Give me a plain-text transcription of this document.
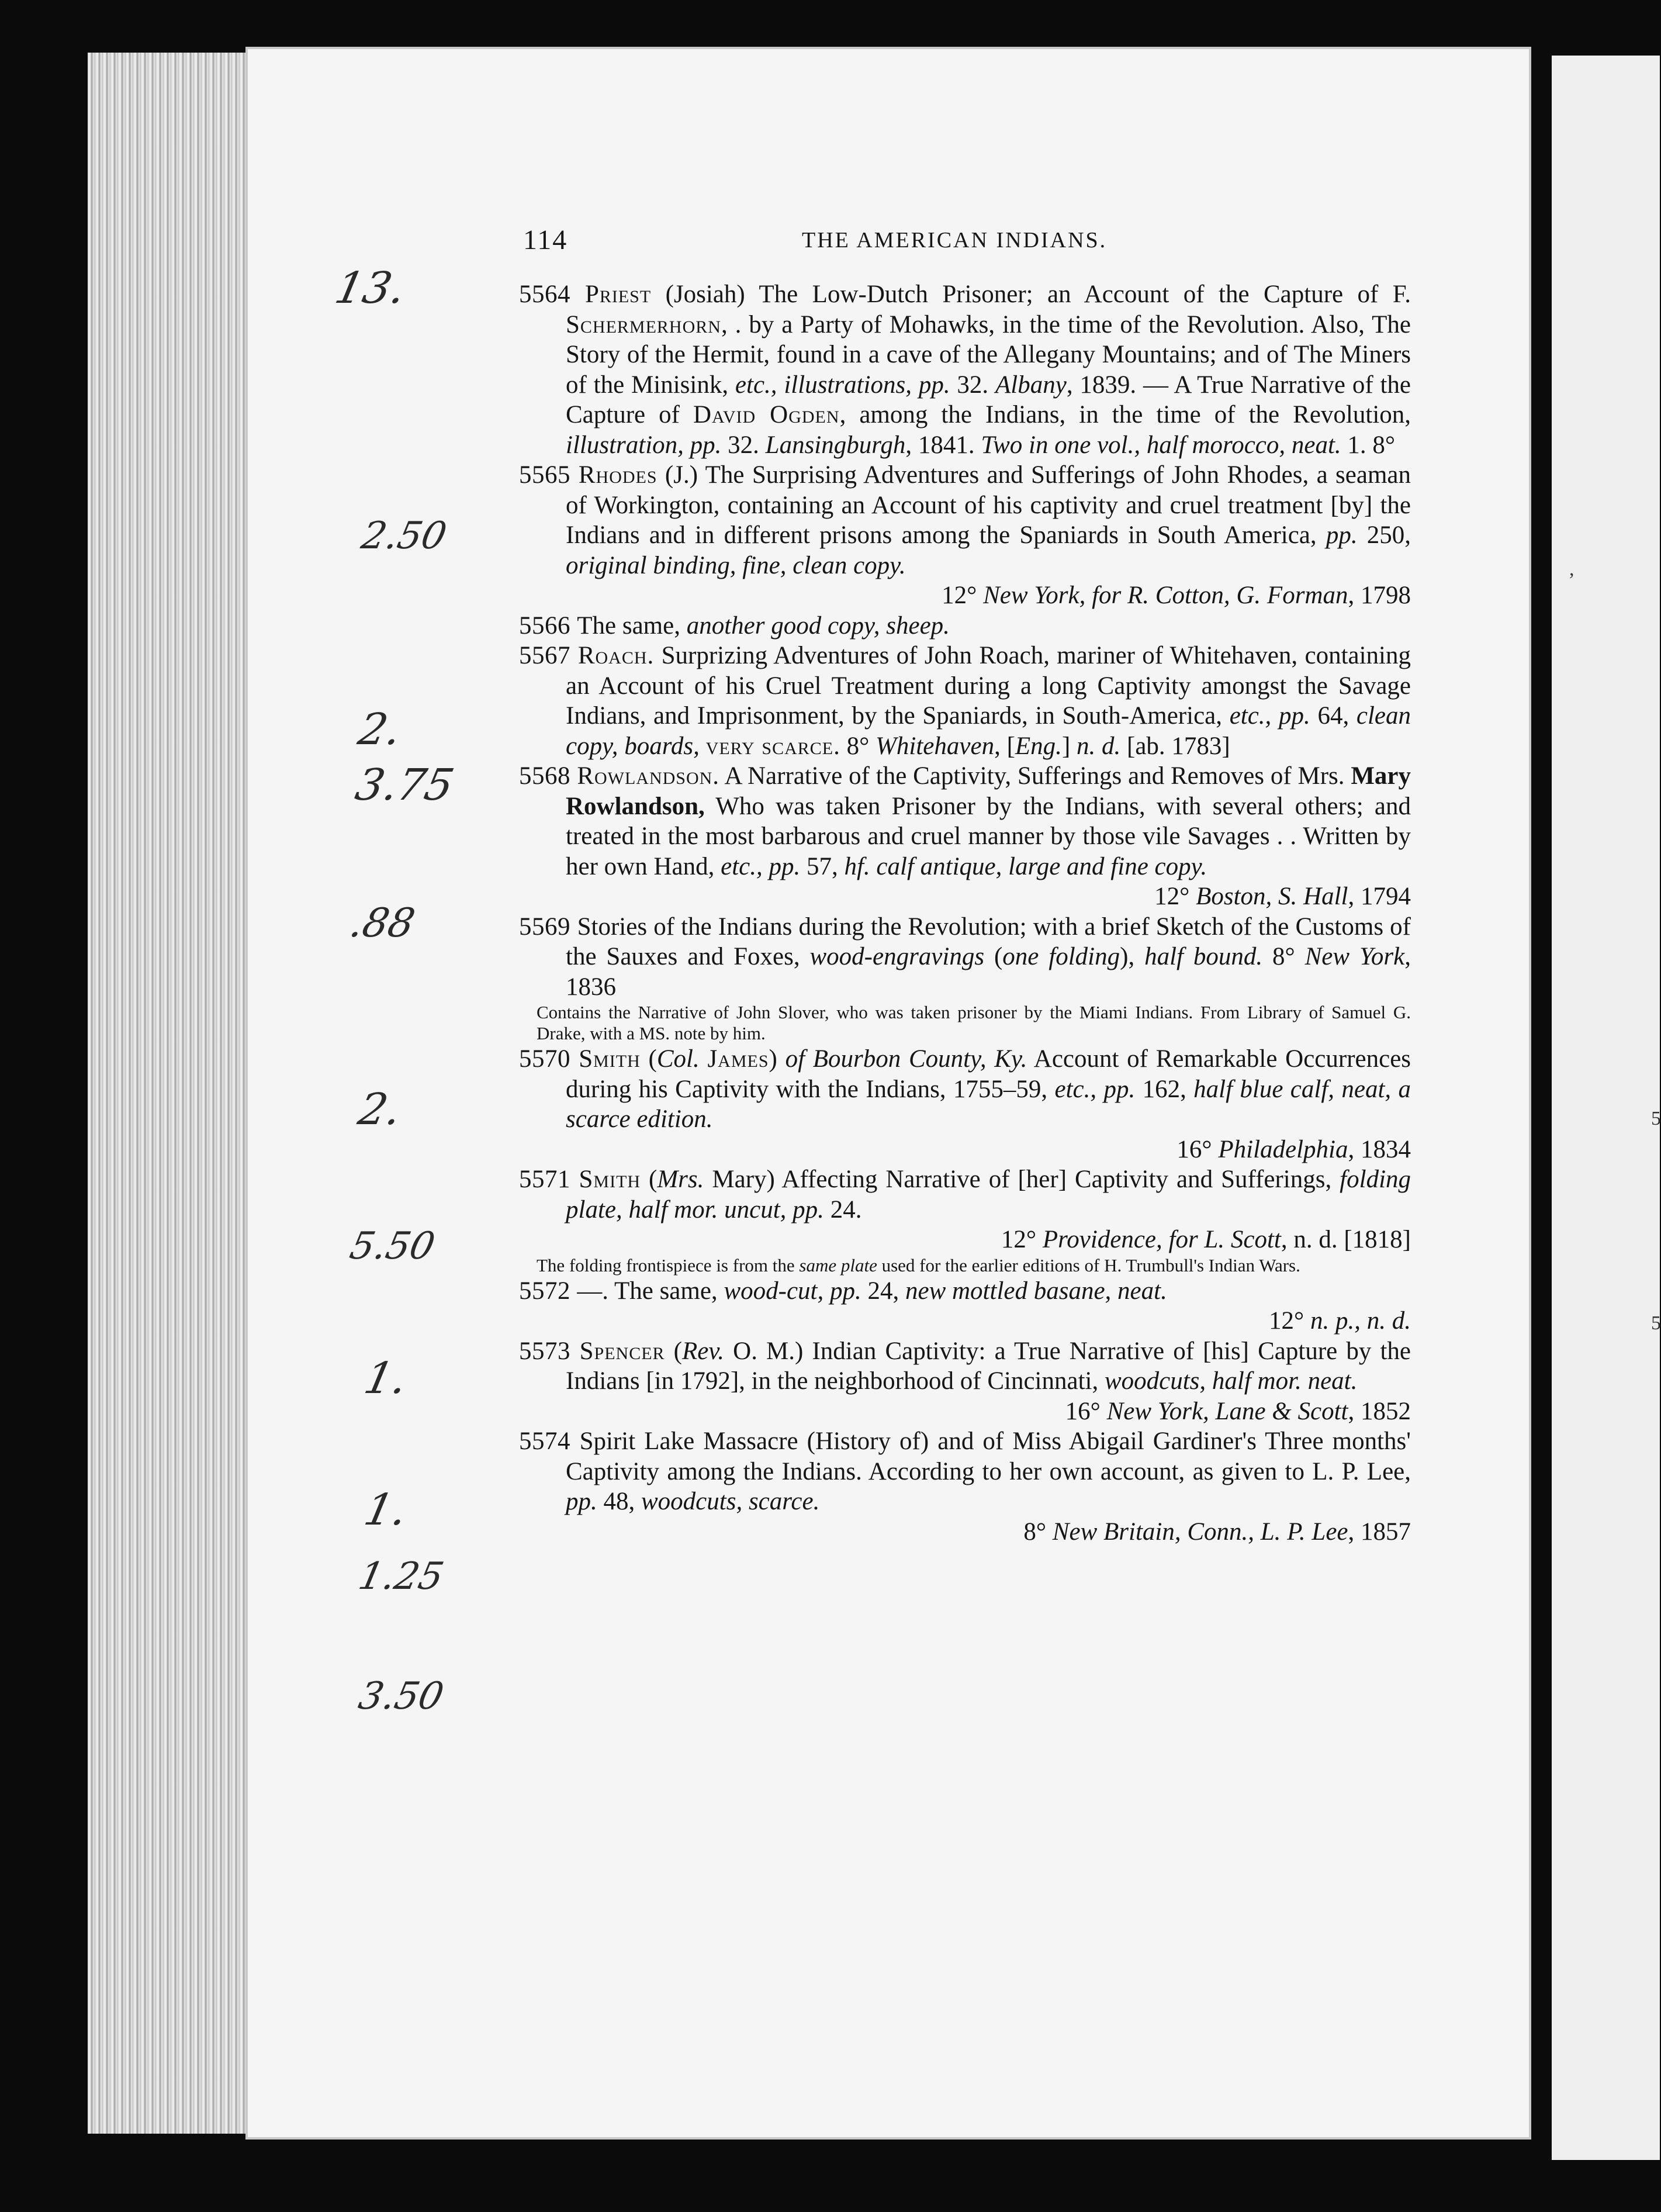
,
5
5
114	THE AMERICAN INDIANS.
13.
2.50
2.
3.75
.88
2.
5.50
1.
1.
1.25
3.50
5564 Priest (Josiah) The Low-Dutch Prisoner; an Account of the Capture of F. Schermerhorn, . by a Party of Mohawks, in the time of the Revolution. Also, The Story of the Hermit, found in a cave of the Allegany Mountains; and of The Miners of the Minisink, etc., illustrations, pp. 32. Albany, 1839. — A True Narrative of the Capture of David Ogden, among the Indians, in the time of the Revolution, illustration, pp. 32. Lansingburgh, 1841. Two in one vol., half morocco, neat. 1. 8°
5565 Rhodes (J.) The Surprising Adventures and Sufferings of John Rhodes, a seaman of Workington, containing an Account of his captivity and cruel treatment [by] the Indians and in different prisons among the Spaniards in South America, pp. 250, original binding, fine, clean copy.
12° New York, for R. Cotton, G. Forman, 1798
5566 The same, another good copy, sheep.
5567 Roach. Surprizing Adventures of John Roach, mariner of Whitehaven, containing an Account of his Cruel Treatment during a long Captivity amongst the Savage Indians, and Imprisonment, by the Spaniards, in South-America, etc., pp. 64, clean copy, boards, very scarce. 8° Whitehaven, [Eng.] n. d. [ab. 1783]
5568 Rowlandson. A Narrative of the Captivity, Sufferings and Removes of Mrs. Mary Rowlandson, Who was taken Prisoner by the Indians, with several others; and treated in the most barbarous and cruel manner by those vile Savages . . Written by her own Hand, etc., pp. 57, hf. calf antique, large and fine copy.
12° Boston, S. Hall, 1794
5569 Stories of the Indians during the Revolution; with a brief Sketch of the Customs of the Sauxes and Foxes, wood-engravings (one folding), half bound. 8° New York, 1836
Contains the Narrative of John Slover, who was taken prisoner by the Miami Indians. From Library of Samuel G. Drake, with a MS. note by him.
5570 Smith (Col. James) of Bourbon County, Ky. Account of Remarkable Occurrences during his Captivity with the Indians, 1755–59, etc., pp. 162, half blue calf, neat, a scarce edition.
16° Philadelphia, 1834
5571 Smith (Mrs. Mary) Affecting Narrative of [her] Captivity and Sufferings, folding plate, half mor. uncut, pp. 24.
12° Providence, for L. Scott, n. d. [1818]
The folding frontispiece is from the same plate used for the earlier editions of H. Trumbull's Indian Wars.
5572 —. The same, wood-cut, pp. 24, new mottled basane, neat.
12° n. p., n. d.
5573 Spencer (Rev. O. M.) Indian Captivity: a True Narrative of [his] Capture by the Indians [in 1792], in the neighborhood of Cincinnati, woodcuts, half mor. neat.
16° New York, Lane & Scott, 1852
5574 Spirit Lake Massacre (History of) and of Miss Abigail Gardiner's Three months' Captivity among the Indians. According to her own account, as given to L. P. Lee, pp. 48, woodcuts, scarce.
8° New Britain, Conn., L. P. Lee, 1857
